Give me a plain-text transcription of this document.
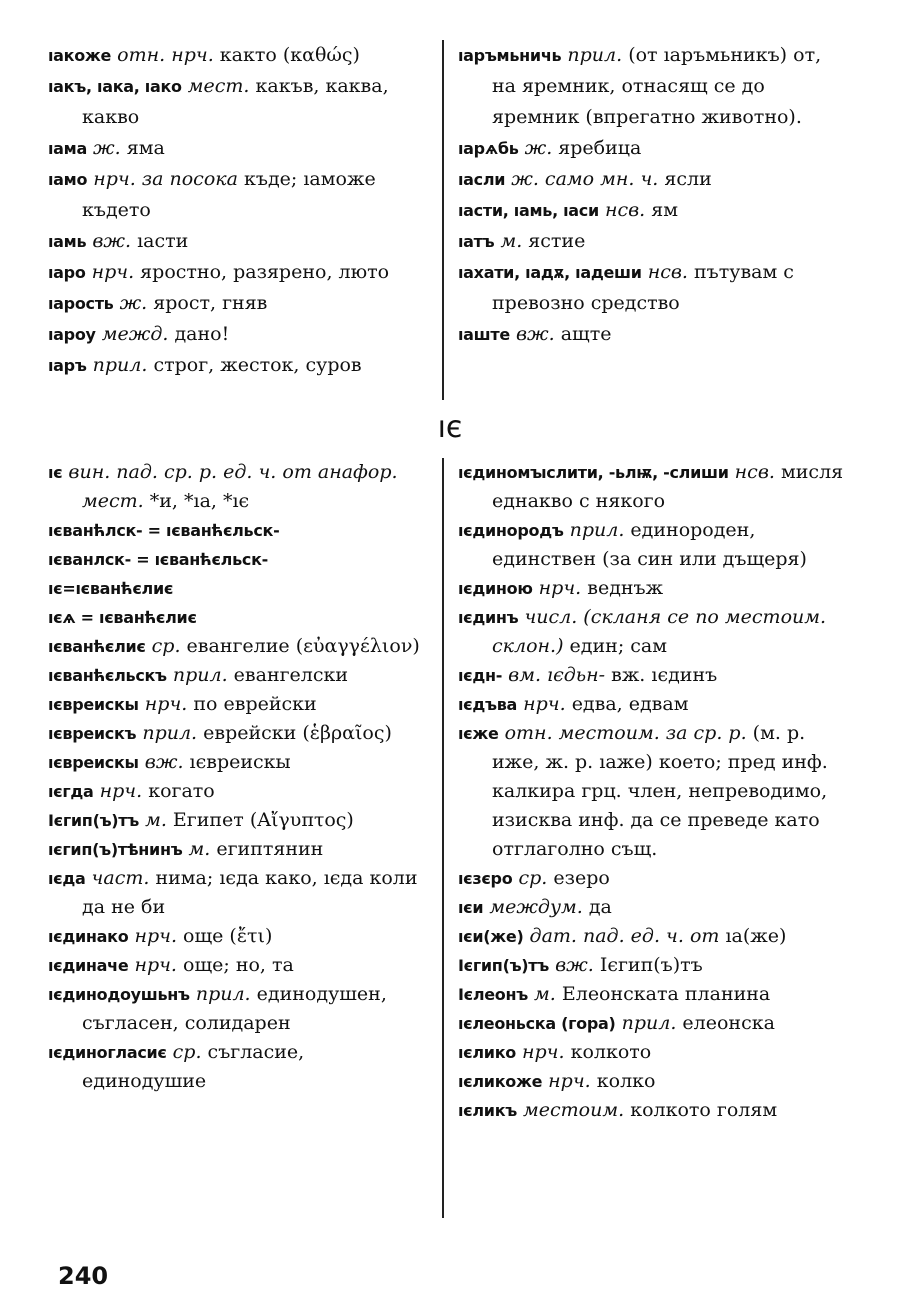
ıакоже отн. нрч. както (καθώς)

ıакъ, ıака, ıако мест. какъв, каква, какво

ıама ж. яма

ıамо нрч. за посока къде; ıаможе където

ıамь вж. ıасти

ıаро нрч. яростно, разярено, люто

ıарость ж. ярост, гняв

ıароу межд. дано!

ıаръ прил. строг, жесток, суров

ıаръмьничь прил. (от ıаръмьникъ) от, на яремник, отнасящ се до яремник (впрегатно животно).

ıарѧбь ж. яребица

ıасли ж. само мн. ч. ясли

ıасти, ıамь, ıаси нсв. ям

ıатъ м. ястие

ıахати, ıадѫ, ıадеши нсв. пътувам с превозно средство

ıаште вж. ащте

ıє

ıє вин. пад. ср. р. ед. ч. от анафор. мест. *и, *ıа, *ıє

ıєванћлск- = ıєванћєльск-

ıєванлск- = ıєванћєльск-

ıє=ıєванћєлиє

ıєѧ = ıєванћєлиє

ıєванћєлиє ср. евангелие (εὐαγγέλιον)

ıєванћєльскъ прил. евангелски

ıєвреискы нрч. по еврейски

ıєвреискъ прил. еврейски (ἑβραῖος)

ıєвреискы вж. ıєвреискы

ıєгда нрч. когато

Ієгип(ъ)тъ м. Египет (Αἴγυπτος)

ıєгип(ъ)тѣнинъ м. египтянин

ıєда част. нима; ıєда како, ıєда коли да не би

ıєдинако нрч. още (ἔτι)

ıєдиначе нрч. още; но, та

ıєдинодоушьнъ прил. единодушен, съгласен, солидарен

ıєдиногласиє ср. съгласие, единодушие

ıєдиномꙑслити, -ьлѭ, -слиши нсв. мисля еднакво с някого

ıєдинородъ прил. единороден, единствен (за син или дъщеря)

ıєдиною нрч. веднъж

ıєдинъ числ. (скланя се по местоим. склон.) един; сам

ıєдн- вм. ıєдьн- вж. ıєдинъ

ıєдъва нрч. едва, едвам

ıєже отн. местоим. за ср. р. (м. р. иже, ж. р. ıаже) което; пред инф. калкира грц. член, непреводимо, изисква инф. да се преведе като отглаголно същ.

ıєзєро ср. езеро

ıєи междум. да

ıєи(же) дат. пад. ед. ч. от ıа(же)

Ієгип(ъ)тъ вж. Ієгип(ъ)тъ

Ієлеонъ м. Елеонската планина

ıєлеоньска (гора) прил. елеонска

ıєлико нрч. колкото

ıєликоже нрч. колко

ıєликъ местоим. колкото голям

240
